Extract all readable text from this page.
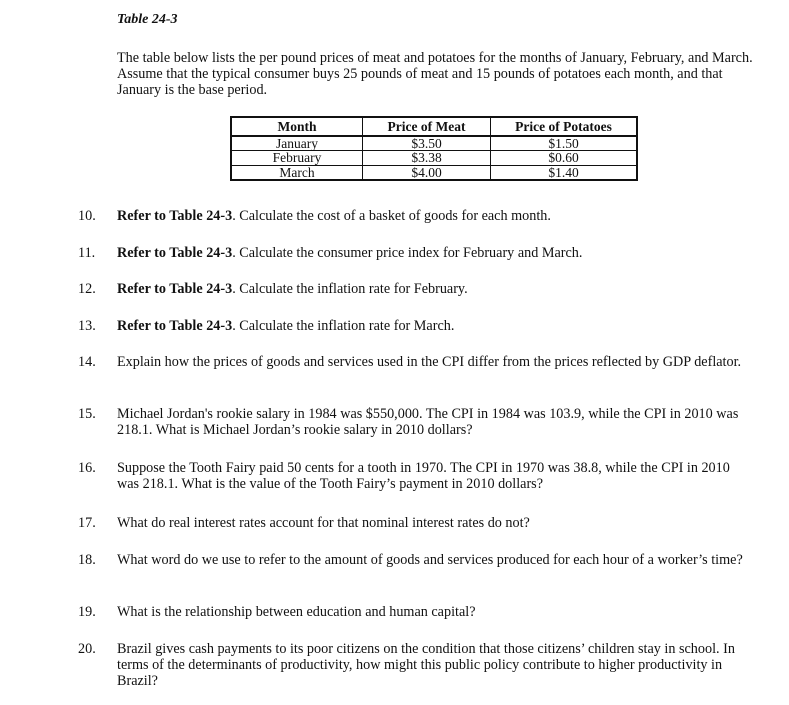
Table 24-3
The table below lists the per pound prices of meat and potatoes for the months of January, February, and March. Assume that the typical consumer buys 25 pounds of meat and 15 pounds of potatoes each month, and that January is the base period.
Month	Price of Meat	Price of Potatoes
January	$3.50	$1.50
February	$3.38	$0.60
March	$4.00	$1.40
10.	Refer to Table 24-3. Calculate the cost of a basket of goods for each month.
11.	Refer to Table 24-3. Calculate the consumer price index for February and March.
12.	Refer to Table 24-3. Calculate the inflation rate for February.
13.	Refer to Table 24-3. Calculate the inflation rate for March.
14.	Explain how the prices of goods and services used in the CPI differ from the prices reflected by GDP deflator.
15.	Michael Jordan's rookie salary in 1984 was $550,000. The CPI in 1984 was 103.9, while the CPI in 2010 was 218.1. What is Michael Jordan’s rookie salary in 2010 dollars?
16.	Suppose the Tooth Fairy paid 50 cents for a tooth in 1970. The CPI in 1970 was 38.8, while the CPI in 2010 was 218.1. What is the value of the Tooth Fairy’s payment in 2010 dollars?
17.	What do real interest rates account for that nominal interest rates do not?
18.	What word do we use to refer to the amount of goods and services produced for each hour of a worker’s time?
19.	What is the relationship between education and human capital?
20.	Brazil gives cash payments to its poor citizens on the condition that those citizens’ children stay in school. In terms of the determinants of productivity, how might this public policy contribute to higher productivity in Brazil?
